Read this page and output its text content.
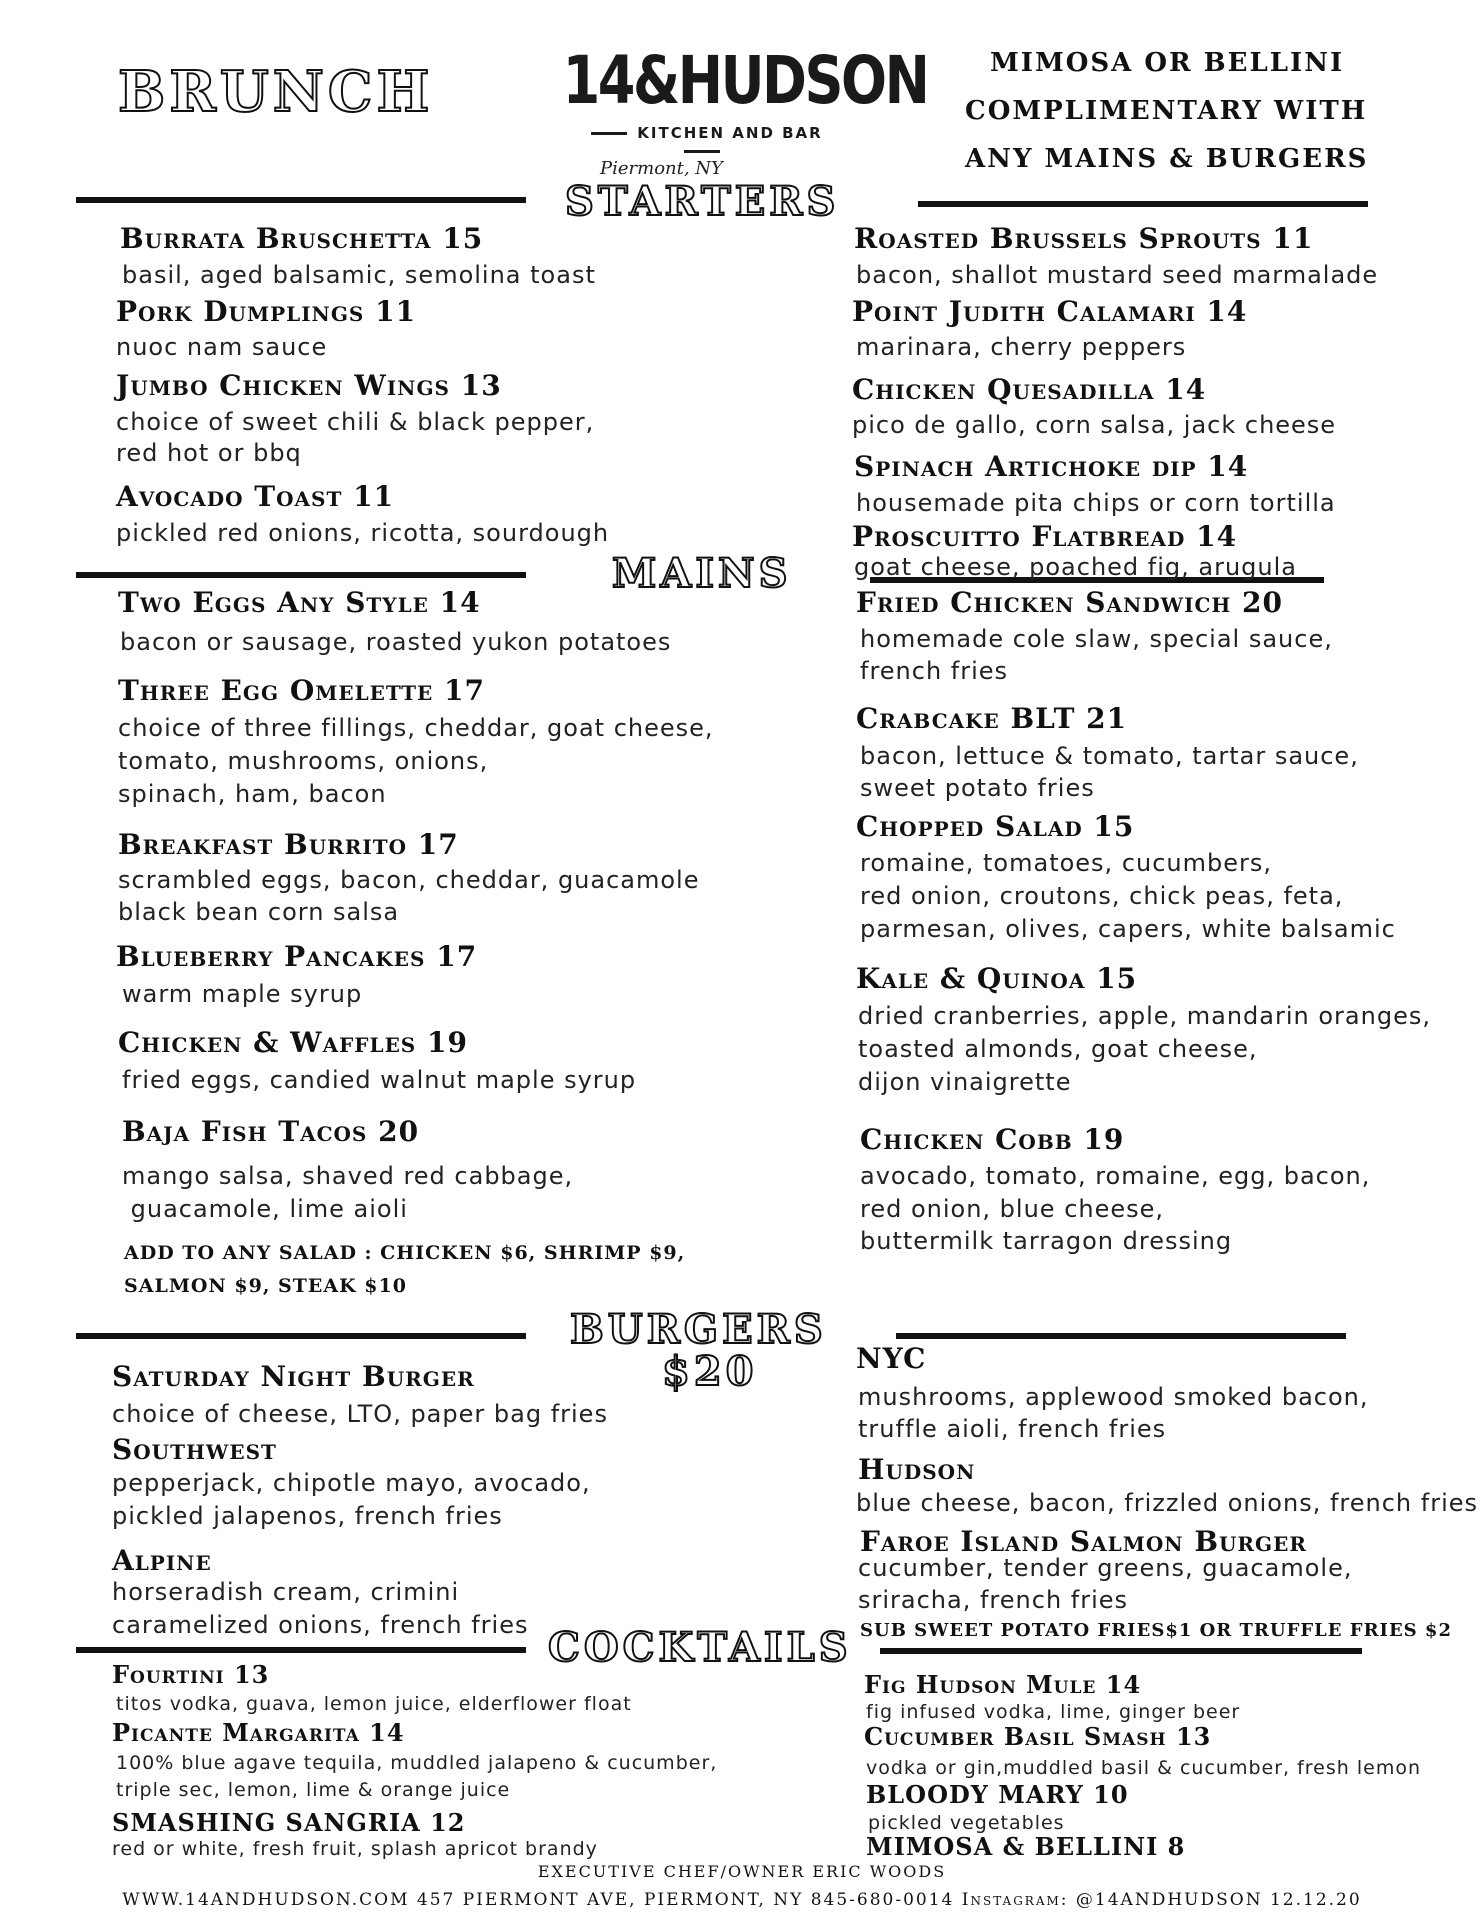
BRUNCH 14&HUDSON
KITCHEN AND BAR
Piermont, NY
MIMOSA OR BELLINI
COMPLIMENTARY WITH
ANY MAINS & BURGERS
STARTERS
MAINS
BURGERS
$20
COCKTAILS
Burrata Bruschetta 15
basil, aged balsamic, semolina toast
Pork Dumplings 11
nuoc nam sauce
Jumbo Chicken Wings 13
choice of sweet chili & black pepper,
red hot or bbq
Avocado Toast 11
pickled red onions, ricotta, sourdough
Roasted Brussels Sprouts 11
bacon, shallot mustard seed marmalade
Point Judith Calamari 14
marinara, cherry peppers
Chicken Quesadilla 14
pico de gallo, corn salsa, jack cheese
Spinach Artichoke dip 14
housemade pita chips or corn tortilla
Proscuitto Flatbread 14
goat cheese, poached fig, arugula
Two Eggs Any Style 14
bacon or sausage, roasted yukon potatoes
Three Egg Omelette 17
choice of three fillings, cheddar, goat cheese,
tomato, mushrooms, onions,
spinach, ham, bacon
Breakfast Burrito 17
scrambled eggs, bacon, cheddar, guacamole
black bean corn salsa
Blueberry Pancakes 17
warm maple syrup
Chicken & Waffles 19
fried eggs, candied walnut maple syrup
Baja Fish Tacos 20
mango salsa, shaved red cabbage,
guacamole, lime aioli
ADD TO ANY SALAD : CHICKEN $6, SHRIMP $9,
SALMON $9, STEAK $10
Fried Chicken Sandwich 20
homemade cole slaw, special sauce,
french fries
Crabcake BLT 21
bacon, lettuce & tomato, tartar sauce,
sweet potato fries
Chopped Salad 15
romaine, tomatoes, cucumbers,
red onion, croutons, chick peas, feta,
parmesan, olives, capers, white balsamic
Kale & Quinoa 15
dried cranberries, apple, mandarin oranges,
toasted almonds, goat cheese,
dijon vinaigrette
Chicken Cobb 19
avocado, tomato, romaine, egg, bacon,
red onion, blue cheese,
buttermilk tarragon dressing
Saturday Night Burger
choice of cheese, LTO, paper bag fries
Southwest
pepperjack, chipotle mayo, avocado,
pickled jalapenos, french fries
Alpine
horseradish cream, crimini
caramelized onions, french fries
NYC
mushrooms, applewood smoked bacon,
truffle aioli, french fries
Hudson
blue cheese, bacon, frizzled onions, french fries
Faroe Island Salmon Burger
cucumber, tender greens, guacamole,
sriracha, french fries
SUB SWEET POTATO FRIES$1 OR TRUFFLE FRIES $2
Fourtini 13
titos vodka, guava, lemon juice, elderflower float
Picante Margarita 14
100% blue agave tequila, muddled jalapeno & cucumber,
triple sec, lemon, lime & orange juice
SMASHING SANGRIA 12
red or white, fresh fruit, splash apricot brandy
Fig Hudson Mule 14
fig infused vodka, lime, ginger beer
Cucumber Basil Smash 13
vodka or gin,muddled basil & cucumber, fresh lemon
BLOODY MARY 10
pickled vegetables
MIMOSA & BELLINI 8
EXECUTIVE CHEF/OWNER ERIC WOODS
WWW.14ANDHUDSON.COM 457 PIERMONT AVE, PIERMONT, NY 845-680-0014 Instagram: @14ANDHUDSON 12.12.20
